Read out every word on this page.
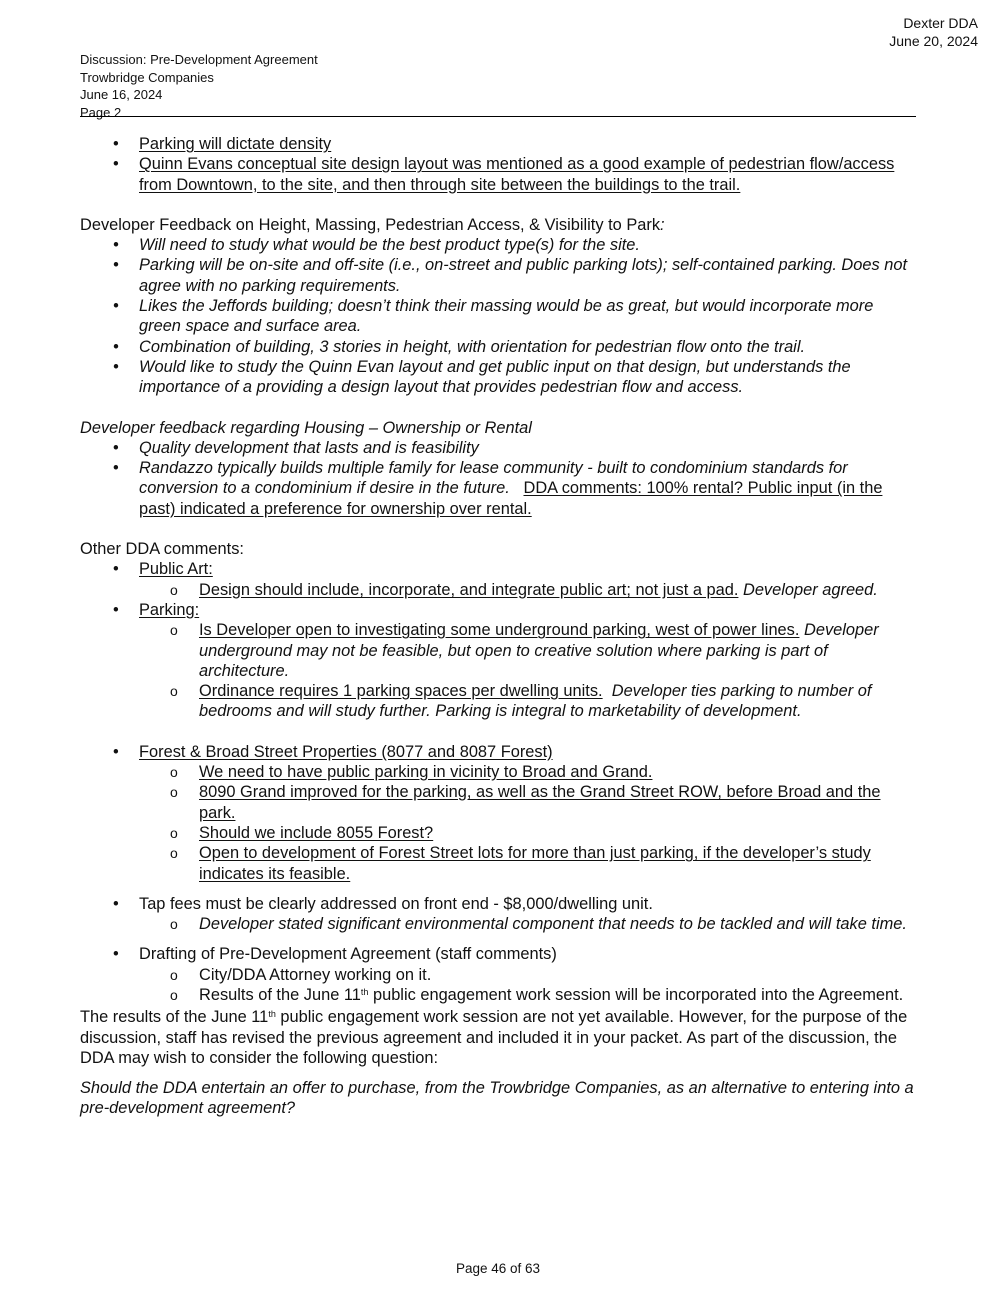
Dexter DDA
June 20, 2024
Discussion: Pre-Development Agreement
Trowbridge Companies
June 16, 2024
Page 2
• Parking will dictate density
• Quinn Evans conceptual site design layout was mentioned as a good example of pedestrian flow/access from Downtown, to the site, and then through site between the buildings to the trail.

Developer Feedback on Height, Massing, Pedestrian Access, & Visibility to Park:

• Will need to study what would be the best product type(s) for the site.
• Parking will be on-site and off-site (i.e., on-street and public parking lots); self-contained parking. Does not agree with no parking requirements.
• Likes the Jeffords building; doesn’t think their massing would be as great, but would incorporate more green space and surface area.
• Combination of building, 3 stories in height, with orientation for pedestrian flow onto the trail.
• Would like to study the Quinn Evan layout and get public input on that design, but understands the importance of a providing a design layout that provides pedestrian flow and access.

Developer feedback regarding Housing – Ownership or Rental

• Quality development that lasts and is feasibility
• Randazzo typically builds multiple family for lease community - built to condominium standards for conversion to a condominium if desire in the future. DDA comments: 100% rental? Public input (in the past) indicated a preference for ownership over rental.

Other DDA comments:

• Public Art:
o Design should include, incorporate, and integrate public art; not just a pad. Developer agreed.
• Parking:
o Is Developer open to investigating some underground parking, west of power lines. Developer underground may not be feasible, but open to creative solution where parking is part of architecture.
o Ordinance requires 1 parking spaces per dwelling units. Developer ties parking to number of bedrooms and will study further. Parking is integral to marketability of development.
• Forest & Broad Street Properties (8077 and 8087 Forest)
o We need to have public parking in vicinity to Broad and Grand.
o 8090 Grand improved for the parking, as well as the Grand Street ROW, before Broad and the park.
o Should we include 8055 Forest?
o Open to development of Forest Street lots for more than just parking, if the developer’s study indicates its feasible.
• Tap fees must be clearly addressed on front end - $8,000/dwelling unit.
o Developer stated significant environmental component that needs to be tackled and will take time.
• Drafting of Pre-Development Agreement (staff comments)
o City/DDA Attorney working on it.
o Results of the June 11th public engagement work session will be incorporated into the Agreement.

The results of the June 11th public engagement work session are not yet available. However, for the purpose of the discussion, staff has revised the previous agreement and included it in your packet. As part of the discussion, the DDA may wish to consider the following question:

Should the DDA entertain an offer to purchase, from the Trowbridge Companies, as an alternative to entering into a pre-development agreement?

Page 46 of 63
